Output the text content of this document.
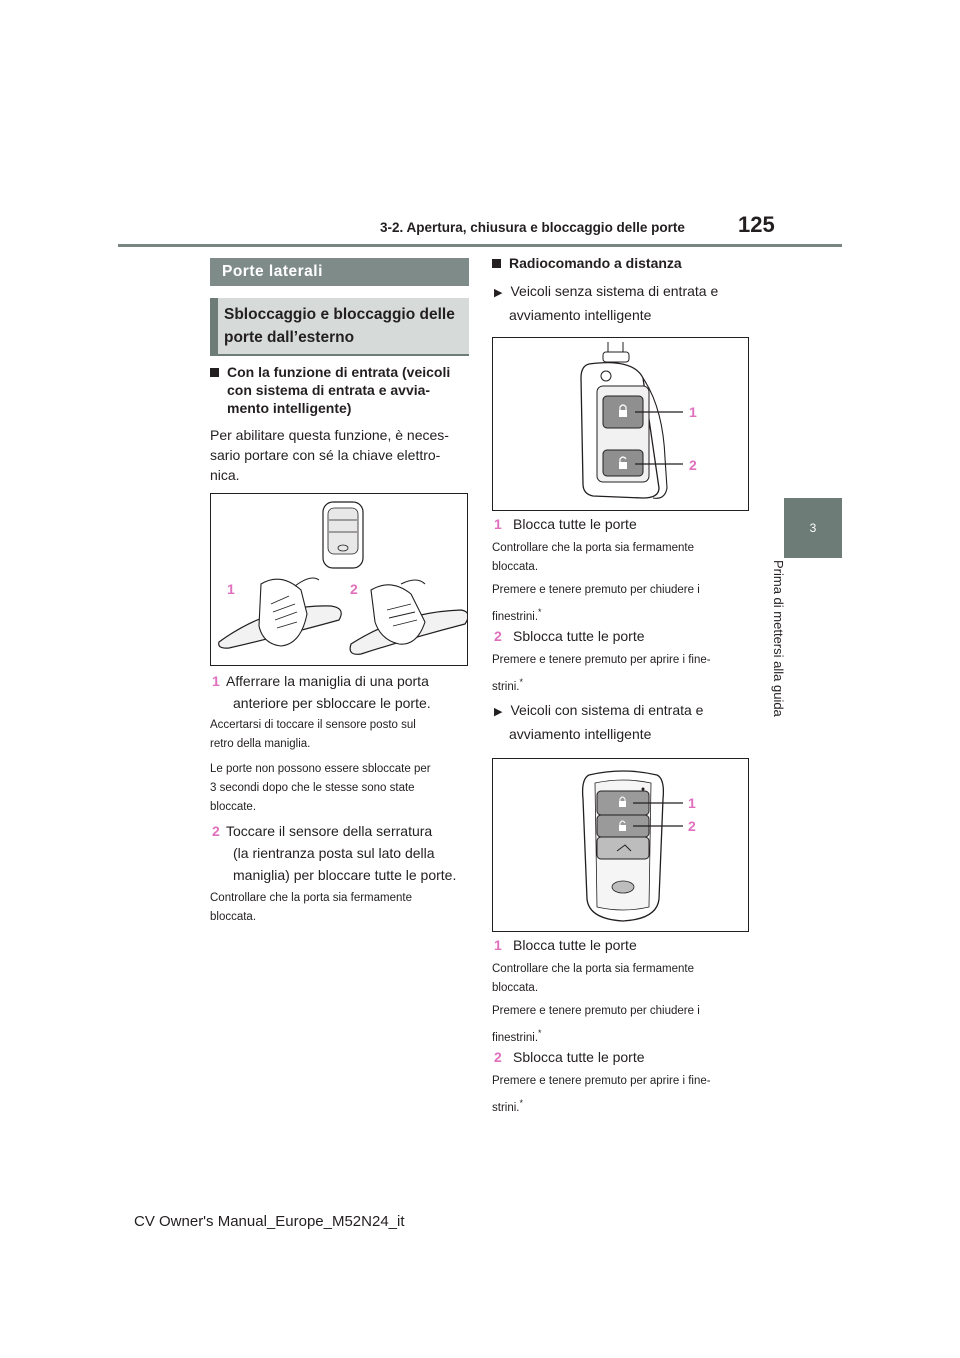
3-2. Apertura, chiusura e bloccaggio delle porte 125
3
Prima di mettersi alla guida
Porte laterali
Sbloccaggio e bloccaggio delle
porte dall’esterno
Con la funzione di entrata (veicoli
con sistema di entrata e avvia-
mento intelligente)
Per abilitare questa funzione, è neces-
sario portare con sé la chiave elettro-
nica.
1	2
1 Afferrare la maniglia di una porta
anteriore per sbloccare le porte.
Accertarsi di toccare il sensore posto sul
retro della maniglia.
Le porte non possono essere sbloccate per
3 secondi dopo che le stesse sono state
bloccate.
2 Toccare il sensore della serratura
(la rientranza posta sul lato della
maniglia) per bloccare tutte le porte.
Controllare che la porta sia fermamente
bloccata.
Radiocomando a distanza
▶ Veicoli senza sistema di entrata e
avviamento intelligente
1
2
1 Blocca tutte le porte
Controllare che la porta sia fermamente
bloccata.
Premere e tenere premuto per chiudere i
finestrini.*
2 Sblocca tutte le porte
Premere e tenere premuto per aprire i fine-
strini.*
▶ Veicoli con sistema di entrata e
avviamento intelligente
1
2
1 Blocca tutte le porte
Controllare che la porta sia fermamente
bloccata.
Premere e tenere premuto per chiudere i
finestrini.*
2 Sblocca tutte le porte
Premere e tenere premuto per aprire i fine-
strini.*
CV Owner's Manual_Europe_M52N24_it
